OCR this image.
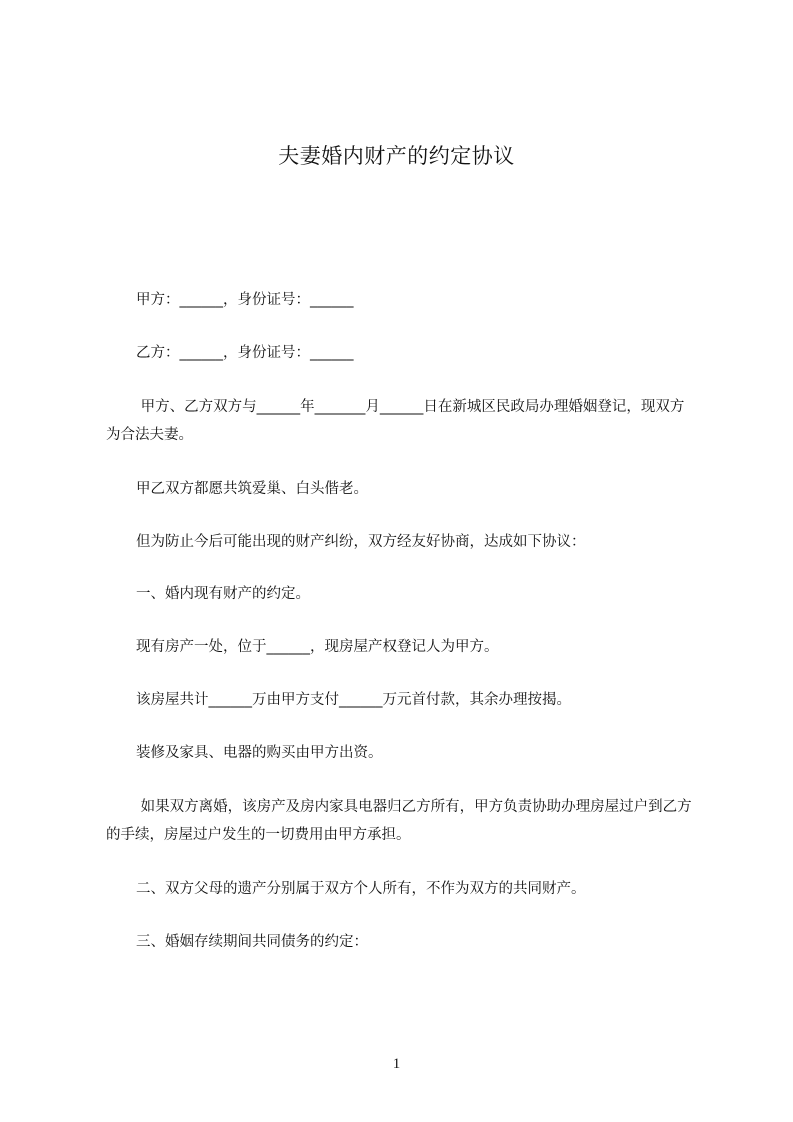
夫妻婚内财产的约定协议
甲方：______，身份证号：______
乙方：______，身份证号：______
甲方、乙方双方与______年_______月______日在新城区民政局办理婚姻登记，现双方为合法夫妻。
甲乙双方都愿共筑爱巢、白头偕老。
但为防止今后可能出现的财产纠纷，双方经友好协商，达成如下协议：
一、婚内现有财产的约定。
现有房产一处，位于______，现房屋产权登记人为甲方。
该房屋共计______万由甲方支付______万元首付款，其余办理按揭。
装修及家具、电器的购买由甲方出资。
如果双方离婚，该房产及房内家具电器归乙方所有，甲方负责协助办理房屋过户到乙方的手续，房屋过户发生的一切费用由甲方承担。
二、双方父母的遗产分别属于双方个人所有，不作为双方的共同财产。
三、婚姻存续期间共同债务的约定：
1
